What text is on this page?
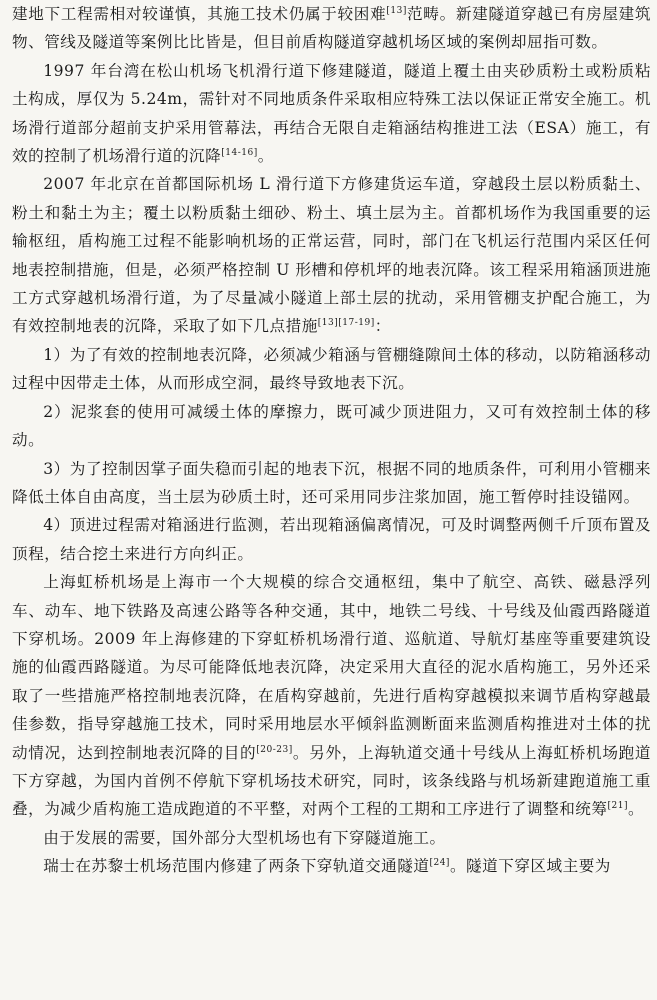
建地下工程需相对较谨慎，其施工技术仍属于较困难[13]范畴。新建隧道穿越已有房屋建筑物、管线及隧道等案例比比皆是，但目前盾构隧道穿越机场区域的案例却屈指可数。

1997 年台湾在松山机场飞机滑行道下修建隧道，隧道上覆土由夹砂质粉土或粉质粘土构成，厚仅为 5.24m，需针对不同地质条件采取相应特殊工法以保证正常安全施工。机场滑行道部分超前支护采用管幕法，再结合无限自走箱涵结构推进工法（ESA）施工，有效的控制了机场滑行道的沉降[14-16]。

2007 年北京在首都国际机场 L 滑行道下方修建货运车道，穿越段土层以粉质黏土、粉土和黏土为主；覆土以粉质黏土细砂、粉土、填土层为主。首都机场作为我国重要的运输枢纽，盾构施工过程不能影响机场的正常运营，同时，部门在飞机运行范围内采区任何地表控制措施，但是，必须严格控制 U 形槽和停机坪的地表沉降。该工程采用箱涵顶进施工方式穿越机场滑行道，为了尽量减小隧道上部土层的扰动，采用管棚支护配合施工，为有效控制地表的沉降，采取了如下几点措施[13][17-19]：

1）为了有效的控制地表沉降，必须减少箱涵与管棚缝隙间土体的移动，以防箱涵移动过程中因带走土体，从而形成空洞，最终导致地表下沉。

2）泥浆套的使用可减缓土体的摩擦力，既可减少顶进阻力，又可有效控制土体的移动。

3）为了控制因掌子面失稳而引起的地表下沉，根据不同的地质条件，可利用小管棚来降低土体自由高度，当土层为砂质土时，还可采用同步注浆加固，施工暂停时挂设锚网。

4）顶进过程需对箱涵进行监测，若出现箱涵偏离情况，可及时调整两侧千斤顶布置及顶程，结合挖土来进行方向纠正。

上海虹桥机场是上海市一个大规模的综合交通枢纽，集中了航空、高铁、磁悬浮列车、动车、地下铁路及高速公路等各种交通，其中，地铁二号线、十号线及仙霞西路隧道下穿机场。2009 年上海修建的下穿虹桥机场滑行道、巡航道、导航灯基座等重要建筑设施的仙霞西路隧道。为尽可能降低地表沉降，决定采用大直径的泥水盾构施工，另外还采取了一些措施严格控制地表沉降，在盾构穿越前，先进行盾构穿越模拟来调节盾构穿越最佳参数，指导穿越施工技术，同时采用地层水平倾斜监测断面来监测盾构推进对土体的扰动情况，达到控制地表沉降的目的[20-23]。另外，上海轨道交通十号线从上海虹桥机场跑道下方穿越，为国内首例不停航下穿机场技术研究，同时，该条线路与机场新建跑道施工重叠，为减少盾构施工造成跑道的不平整，对两个工程的工期和工序进行了调整和统筹[21]。

由于发展的需要，国外部分大型机场也有下穿隧道施工。

瑞士在苏黎士机场范围内修建了两条下穿轨道交通隧道[24]。隧道下穿区域主要为
